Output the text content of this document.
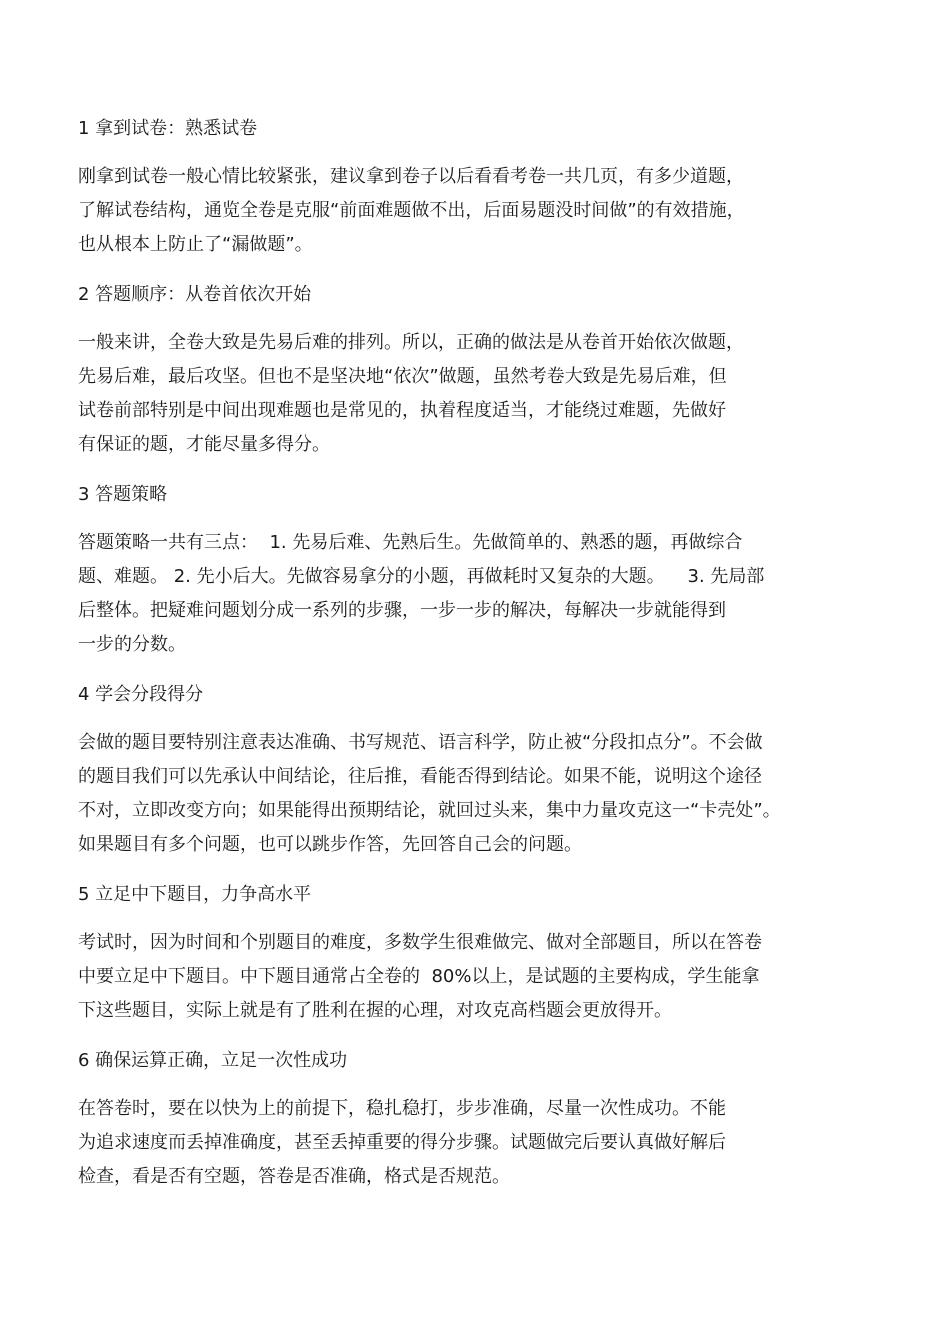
1 拿到试卷：熟悉试卷
刚拿到试卷一般心情比较紧张，建议拿到卷子以后看看考卷一共几页，有多少道题，
了解试卷结构，通览全卷是克服“前面难题做不出，后面易题没时间做”的有效措施，
也从根本上防止了“漏做题”。
2 答题顺序：从卷首依次开始
一般来讲，全卷大致是先易后难的排列。所以，正确的做法是从卷首开始依次做题，
先易后难，最后攻坚。但也不是坚决地“依次”做题，虽然考卷大致是先易后难，但
试卷前部特别是中间出现难题也是常见的，执着程度适当，才能绕过难题，先做好
有保证的题，才能尽量多得分。
3 答题策略
答题策略一共有三点：  1. 先易后难、先熟后生。先做简单的、熟悉的题，再做综合
题、难题。 2. 先小后大。先做容易拿分的小题，再做耗时又复杂的大题。    3. 先局部
后整体。把疑难问题划分成一系列的步骤，一步一步的解决，每解决一步就能得到
一步的分数。
4 学会分段得分
会做的题目要特别注意表达准确、书写规范、语言科学，防止被“分段扣点分”。不会做
的题目我们可以先承认中间结论，往后推，看能否得到结论。如果不能，说明这个途径
不对，立即改变方向；如果能得出预期结论，就回过头来，集中力量攻克这一“卡壳处”。
如果题目有多个问题，也可以跳步作答，先回答自己会的问题。
5 立足中下题目，力争高水平
考试时，因为时间和个别题目的难度，多数学生很难做完、做对全部题目，所以在答卷
中要立足中下题目。中下题目通常占全卷的  80%以上，是试题的主要构成，学生能拿
下这些题目，实际上就是有了胜利在握的心理，对攻克高档题会更放得开。
6 确保运算正确，立足一次性成功
在答卷时，要在以快为上的前提下，稳扎稳打，步步准确，尽量一次性成功。不能
为追求速度而丢掉准确度，甚至丢掉重要的得分步骤。试题做完后要认真做好解后
检查，看是否有空题，答卷是否准确，格式是否规范。
